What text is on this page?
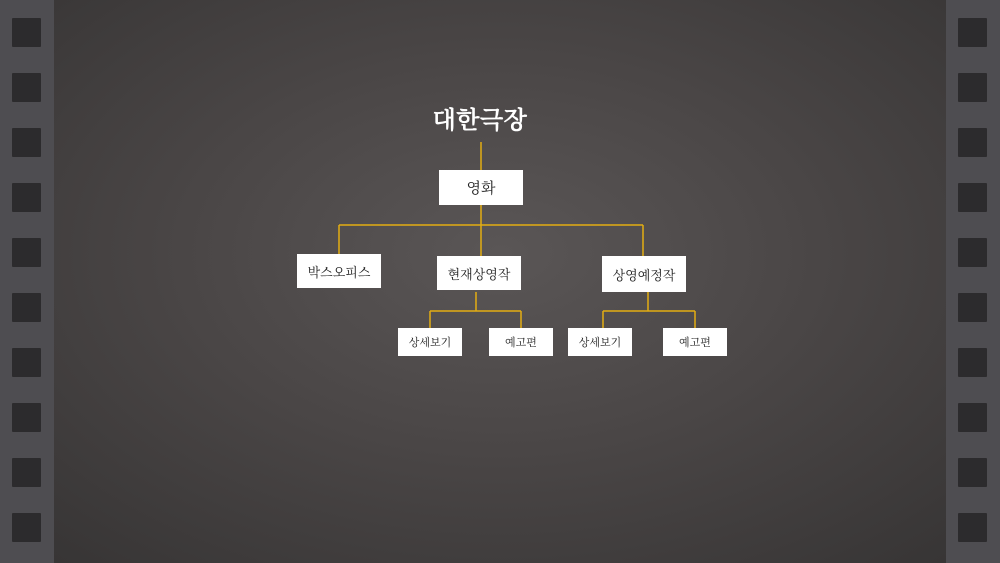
대한극장
영화
박스오피스	현재상영작	상영예정작
상세보기	예고편	상세보기	예고편
